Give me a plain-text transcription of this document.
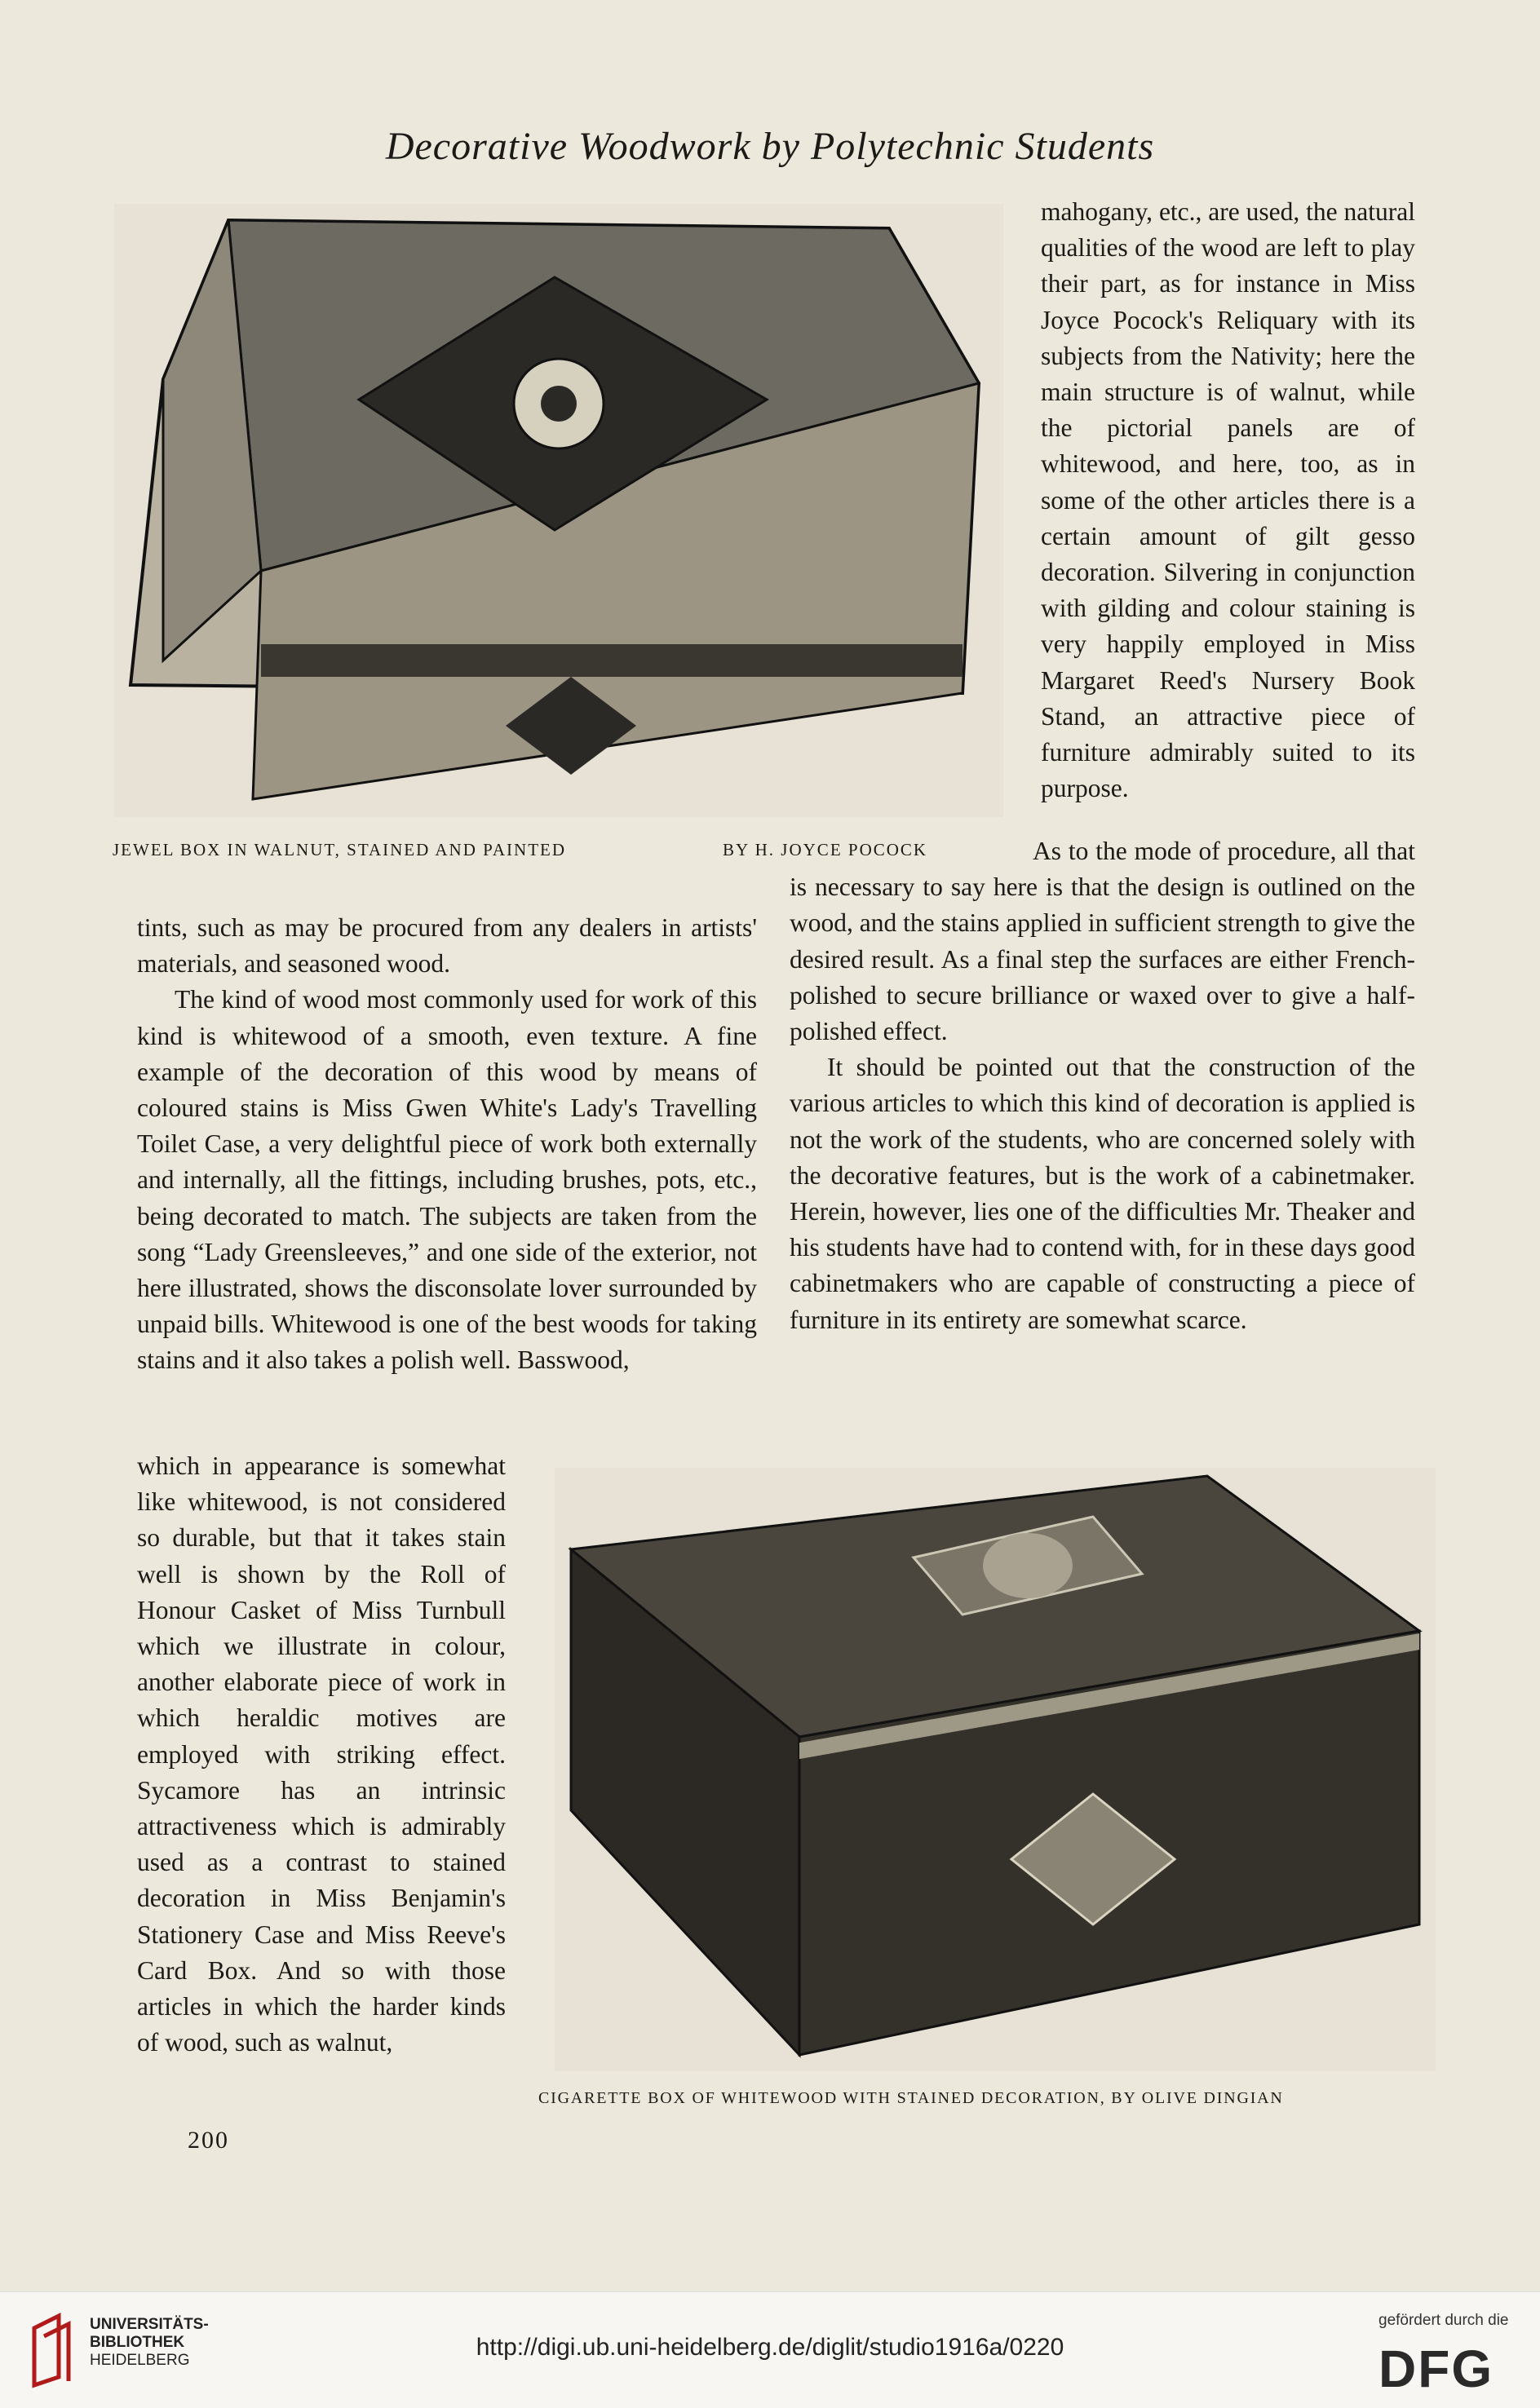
Decorative Woodwork by Polytechnic Students
JEWEL BOX IN WALNUT, STAINED AND PAINTED	BY H. JOYCE POCOCK

mahogany, etc., are used, the natural qualities of the wood are left to play their part, as for instance in Miss Joyce Pocock's Reliquary with its subjects from the Nativity; here the main structure is of walnut, while the pictorial panels are of whitewood, and here, too, as in some of the other articles there is a certain amount of gilt gesso decoration. Silvering in conjunction with gilding and colour staining is very happily employed in Miss Margaret Reed's Nursery Book Stand, an attractive piece of furniture admirably suited to its purpose.

As to the mode of procedure, all that is necessary to say here is that the design is outlined on the wood, and the stains applied in sufficient strength to give the desired result. As a final step the surfaces are either French-polished to secure brilliance or waxed over to give a half-polished effect.

It should be pointed out that the construction of the various articles to which this kind of decoration is applied is not the work of the students, who are concerned solely with the decorative features, but is the work of a cabinetmaker. Herein, however, lies one of the difficulties Mr. Theaker and his students have had to contend with, for in these days good cabinetmakers who are capable of constructing a piece of furniture in its entirety are somewhat scarce.

tints, such as may be procured from any dealers in artists' materials, and seasoned wood.

The kind of wood most commonly used for work of this kind is whitewood of a smooth, even texture. A fine example of the decoration of this wood by means of coloured stains is Miss Gwen White's Lady's Travelling Toilet Case, a very delightful piece of work both externally and internally, all the fittings, including brushes, pots, etc., being decorated to match. The subjects are taken from the song “Lady Greensleeves,” and one side of the exterior, not here illustrated, shows the disconsolate lover surrounded by unpaid bills. Whitewood is one of the best woods for taking stains and it also takes a polish well. Basswood,

which in appearance is somewhat like whitewood, is not considered so durable, but that it takes stain well is shown by the Roll of Honour Casket of Miss Turnbull which we illustrate in colour, another elaborate piece of work in which heraldic motives are employed with striking effect. Sycamore has an intrinsic attractiveness which is admirably used as a contrast to stained decoration in Miss Benjamin's Stationery Case and Miss Reeve's Card Box. And so with those articles in which the harder kinds of wood, such as walnut,

CIGARETTE BOX OF WHITEWOOD WITH STAINED DECORATION, BY OLIVE DINGIAN
200
UNIVERSITÄTS-
BIBLIOTHEK
HEIDELBERG	http://digi.ub.uni-heidelberg.de/diglit/studio1916a/0220
gefördert durch die
DFG
